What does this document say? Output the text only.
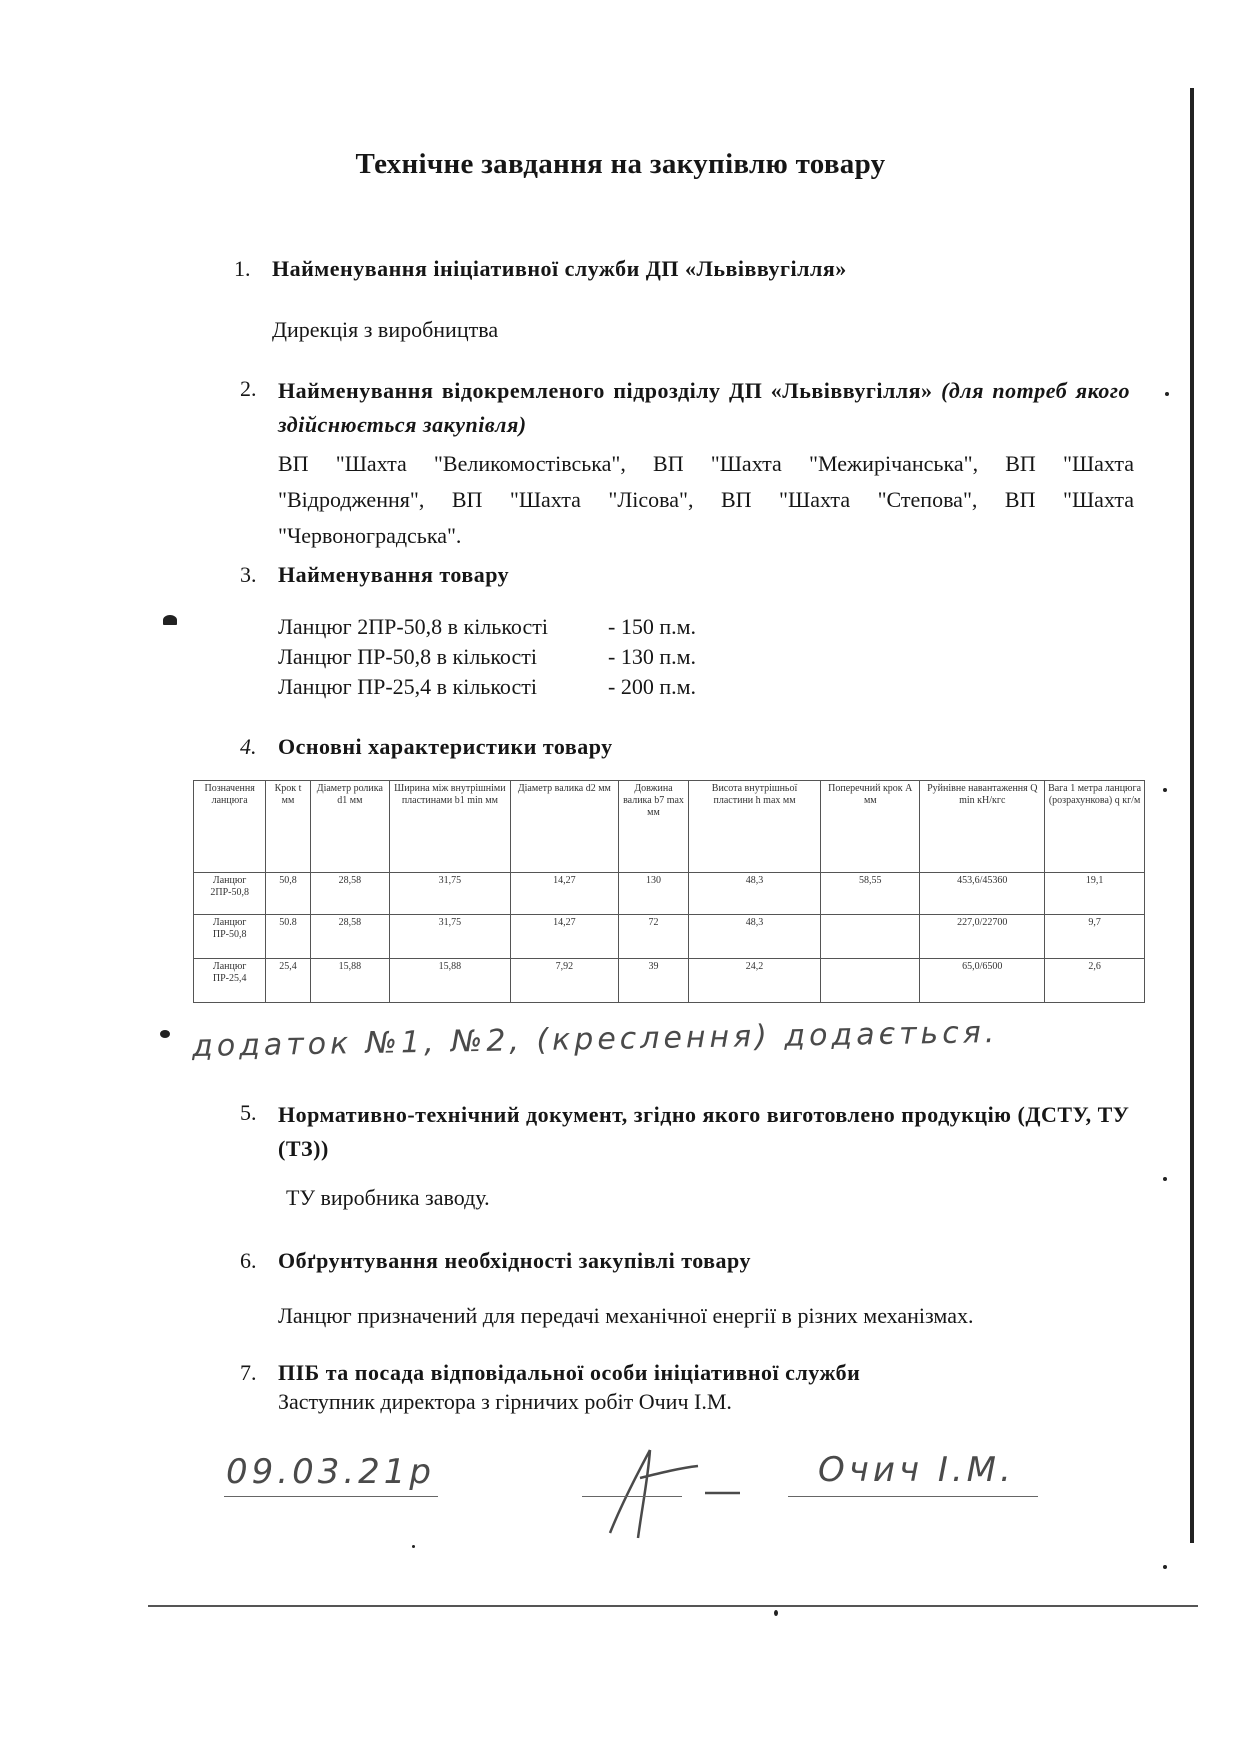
Технічне завдання на закупівлю товару
1. Найменування ініціативної служби ДП «Львіввугілля»
Дирекція з виробництва
2. Найменування відокремленого підрозділу ДП «Львіввугілля» (для потреб якого здійснюється закупівля)
ВП "Шахта "Великомостівська", ВП "Шахта "Межирічанська", ВП "Шахта "Відродження", ВП "Шахта "Лісова", ВП "Шахта "Степова", ВП "Шахта "Червоноградська".
3. Найменування товару
Ланцюг 2ПР-50,8 в кількості	- 150 п.м.
Ланцюг ПР-50,8 в кількості	- 130 п.м.
Ланцюг ПР-25,4 в кількості	- 200 п.м.
4. Основні характеристики товару
Позначення ланцюга	Крок t мм	Діаметр ролика d1 мм	Ширина між внутрішніми пластинами b1 min мм	Діаметр валика d2 мм	Довжина валика b7 max мм	Висота внутрішньої пластини h max мм	Поперечний крок А мм	Руйнівне навантаження Q min кН/кгс	Вага 1 метра ланцюга (розрахункова) q кг/м
Ланцюг 2ПР-50,8	50,8	28,58	31,75	14,27	130	48,3	58,55	453,6/45360	19,1
Ланцюг ПР-50,8	50.8	28,58	31,75	14,27	72	48,3		227,0/22700	9,7
Ланцюг ПР-25,4	25,4	15,88	15,88	7,92	39	24,2		65,0/6500	2,6
додаток №1, №2, (креслення) додається.
5. Нормативно-технічний документ, згідно якого виготовлено продукцію (ДСТУ, ТУ (ТЗ))
ТУ виробника заводу.
6. Обґрунтування необхідності закупівлі товару
Ланцюг призначений для передачі механічної енергії в різних механізмах.
7. ПІБ та посада відповідальної особи ініціативної служби
Заступник директора з гірничих робіт Очич І.М.
09.03.21р	Очич І.М.
